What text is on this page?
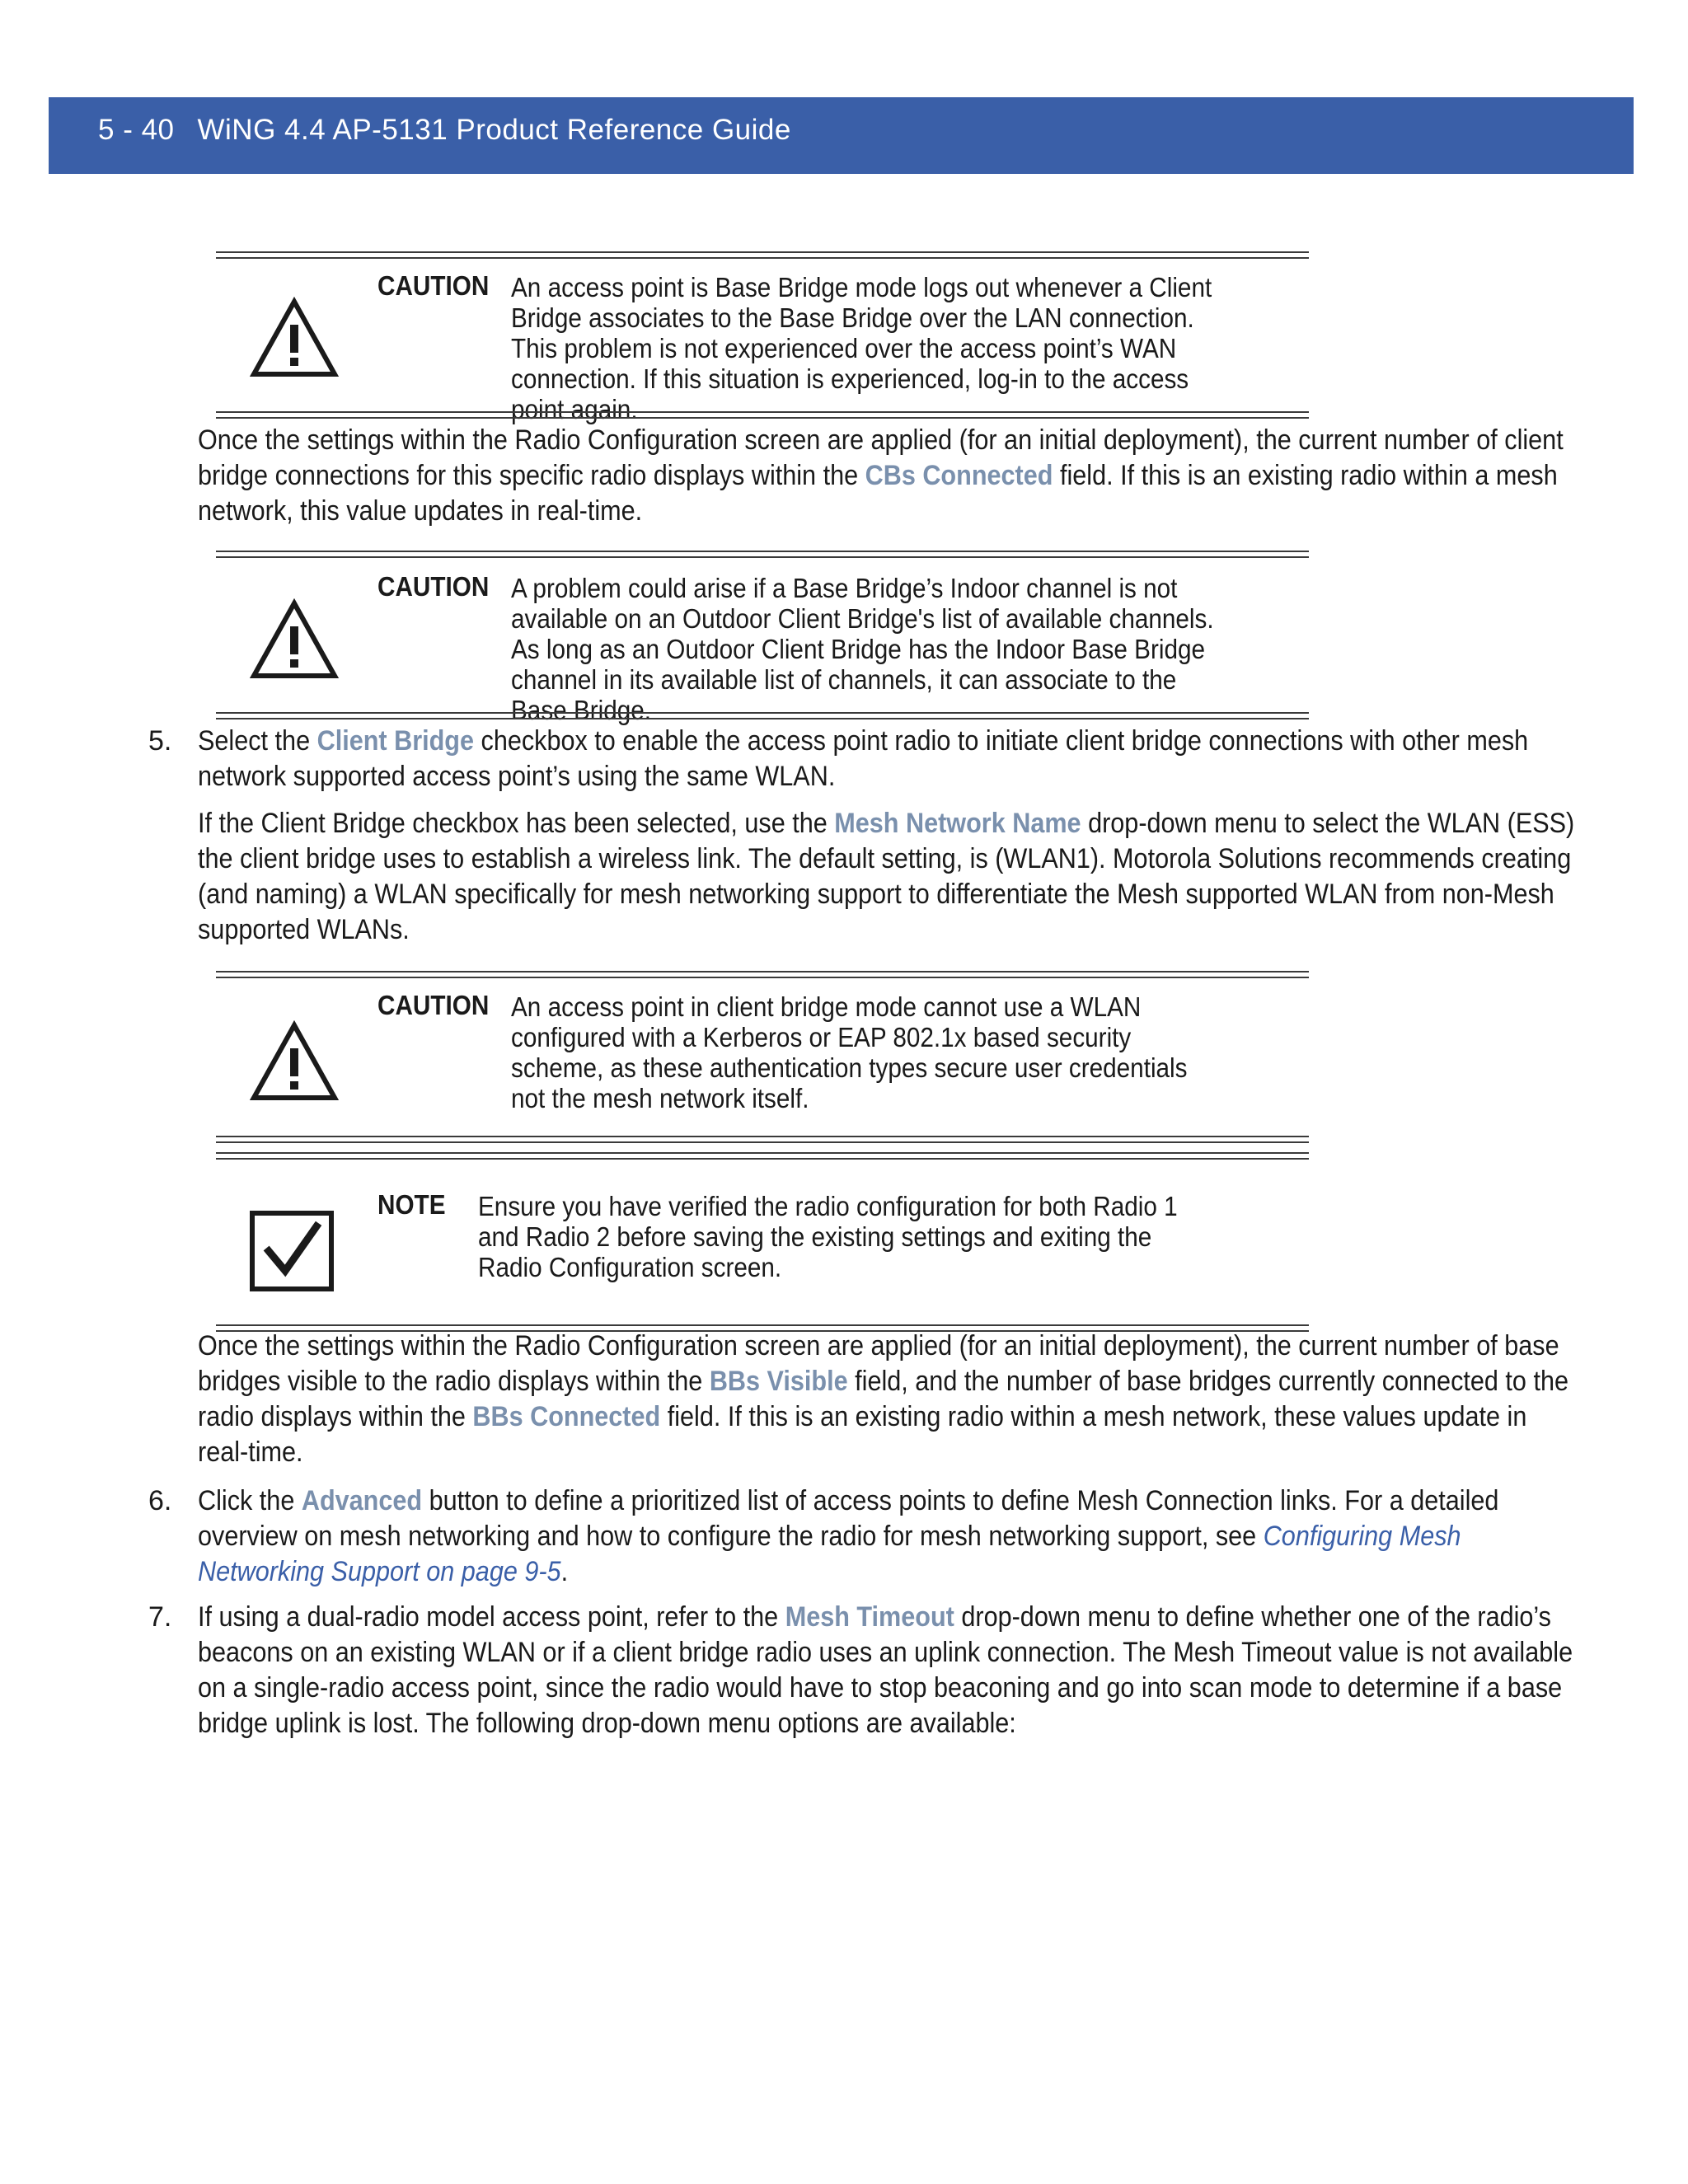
5 - 40 WiNG 4.4 AP-5131 Product Reference Guide
CAUTION An access point is Base Bridge mode logs out whenever a Client Bridge associates to the Base Bridge over the LAN connection. This problem is not experienced over the access point’s WAN connection. If this situation is experienced, log-in to the access point again.
Once the settings within the Radio Configuration screen are applied (for an initial deployment), the current number of client bridge connections for this specific radio displays within the CBs Connected field. If this is an existing radio within a mesh network, this value updates in real-time.
CAUTION A problem could arise if a Base Bridge’s Indoor channel is not available on an Outdoor Client Bridge's list of available channels. As long as an Outdoor Client Bridge has the Indoor Base Bridge channel in its available list of channels, it can associate to the Base Bridge.
5. Select the Client Bridge checkbox to enable the access point radio to initiate client bridge connections with other mesh network supported access point’s using the same WLAN.
If the Client Bridge checkbox has been selected, use the Mesh Network Name drop-down menu to select the WLAN (ESS) the client bridge uses to establish a wireless link. The default setting, is (WLAN1). Motorola Solutions recommends creating (and naming) a WLAN specifically for mesh networking support to differentiate the Mesh supported WLAN from non-Mesh supported WLANs.
CAUTION An access point in client bridge mode cannot use a WLAN configured with a Kerberos or EAP 802.1x based security scheme, as these authentication types secure user credentials not the mesh network itself.
NOTE Ensure you have verified the radio configuration for both Radio 1 and Radio 2 before saving the existing settings and exiting the Radio Configuration screen.
Once the settings within the Radio Configuration screen are applied (for an initial deployment), the current number of base bridges visible to the radio displays within the BBs Visible field, and the number of base bridges currently connected to the radio displays within the BBs Connected field. If this is an existing radio within a mesh network, these values update in real-time.
6. Click the Advanced button to define a prioritized list of access points to define Mesh Connection links. For a detailed overview on mesh networking and how to configure the radio for mesh networking support, see Configuring Mesh Networking Support on page 9-5.
7. If using a dual-radio model access point, refer to the Mesh Timeout drop-down menu to define whether one of the radio’s beacons on an existing WLAN or if a client bridge radio uses an uplink connection. The Mesh Timeout value is not available on a single-radio access point, since the radio would have to stop beaconing and go into scan mode to determine if a base bridge uplink is lost. The following drop-down menu options are available:
